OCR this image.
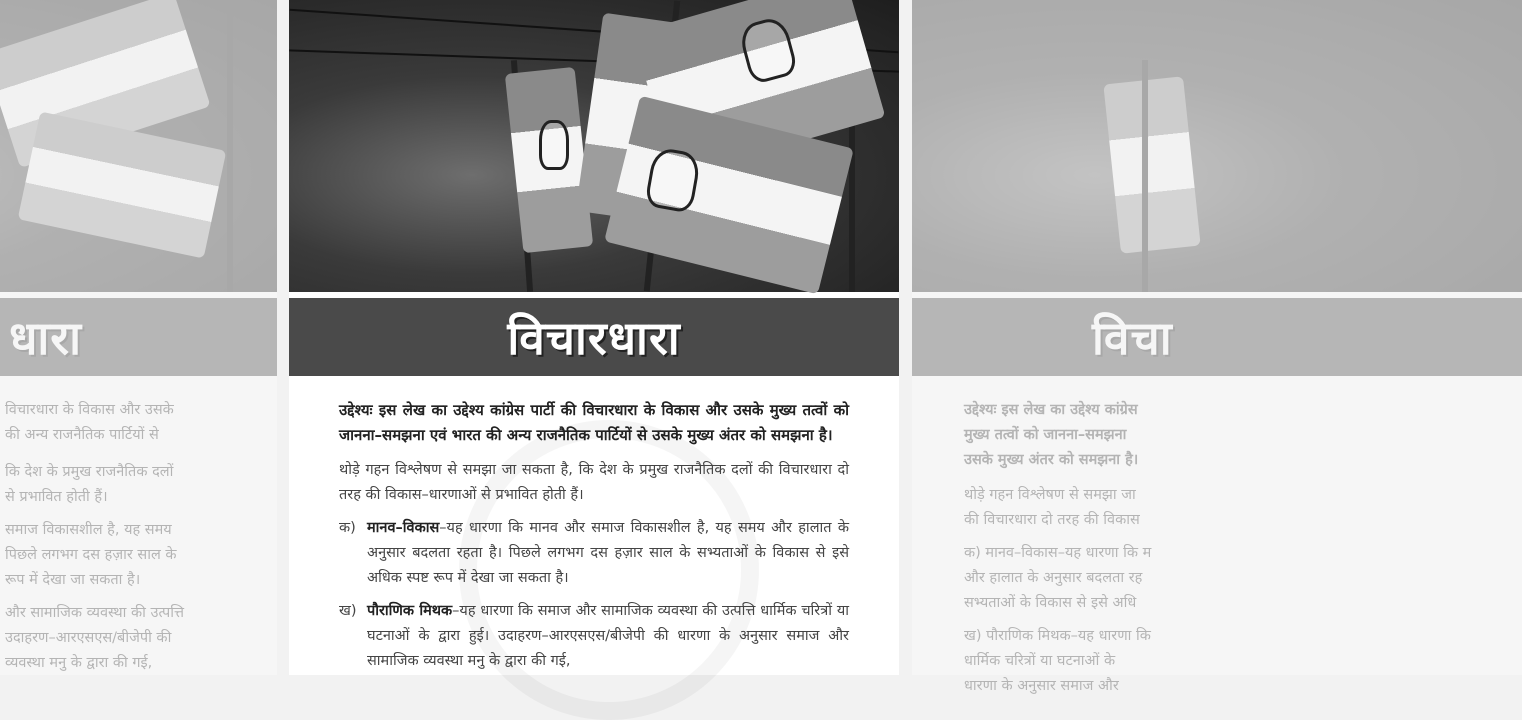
धारा
विचारधारा के विकास और उसके
की अन्य राजनैतिक पार्टियों से
कि देश के प्रमुख राजनैतिक दलों
से प्रभावित होती हैं।
समाज विकासशील है, यह समय
पिछले लगभग दस हज़ार साल के
रूप में देखा जा सकता है।
और सामाजिक व्यवस्था की उत्पत्ति
उदाहरण–आरएसएस/बीजेपी की
व्यवस्था मनु के द्वारा की गई,
विचारधारा

उद्देश्यः इस लेख का उद्देश्य कांग्रेस पार्टी की विचारधारा के विकास और उसके मुख्य तत्वों को जानना–समझना एवं भारत की अन्य राजनैतिक पार्टियों से उसके मुख्य अंतर को समझना है।

थोड़े गहन विश्लेषण से समझा जा सकता है, कि देश के प्रमुख राजनैतिक दलों की विचारधारा दो तरह की विकास–धारणाओं से प्रभावित होती हैं।

क) मानव–विकास–यह धारणा कि मानव और समाज विकासशील है, यह समय और हालात के अनुसार बदलता रहता है। पिछले लगभग दस हज़ार साल के सभ्यताओं के विकास से इसे अधिक स्पष्ट रूप में देखा जा सकता है।

ख) पौराणिक मिथक–यह धारणा कि समाज और सामाजिक व्यवस्था की उत्पत्ति धार्मिक चरित्रों या घटनाओं के द्वारा हुई। उदाहरण–आरएसएस/बीजेपी की धारणा के अनुसार समाज और सामाजिक व्यवस्था मनु के द्वारा की गई,

विचा
उद्देश्यः इस लेख का उद्देश्य कांग्रेस
मुख्य तत्वों को जानना–समझना
उसके मुख्य अंतर को समझना है।
थोड़े गहन विश्लेषण से समझा जा
की विचारधारा दो तरह की विकास
क) मानव–विकास–यह धारणा कि म
और हालात के अनुसार बदलता रह
सभ्यताओं के विकास से इसे अधि
ख) पौराणिक मिथक–यह धारणा कि
धार्मिक चरित्रों या घटनाओं के
धारणा के अनुसार समाज और
